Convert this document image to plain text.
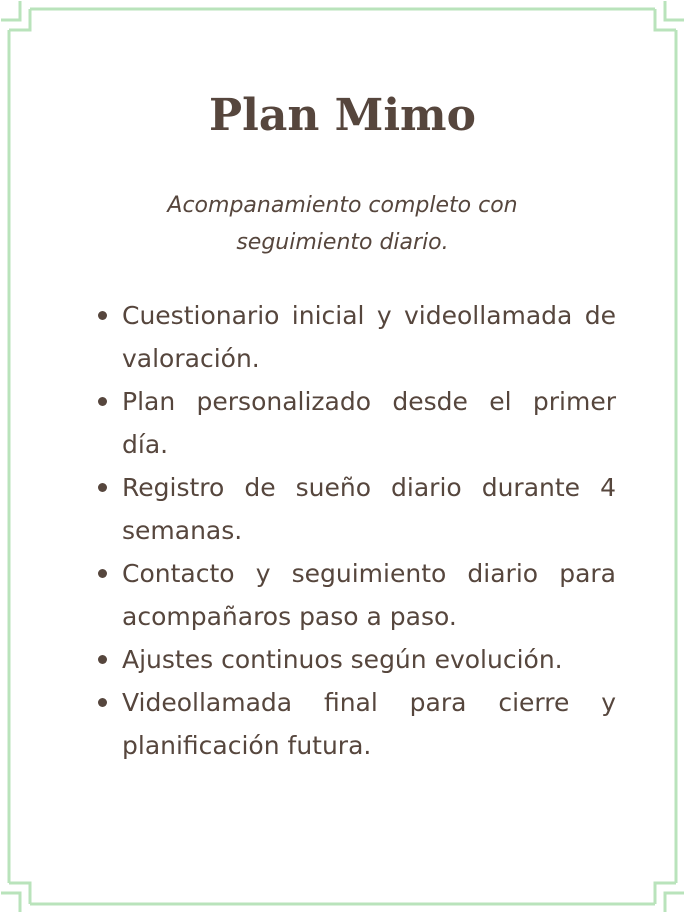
Plan Mimo

Acompanamiento completo con seguimiento diario.

Cuestionario inicial y videollamada de valoración.
Plan personalizado desde el primer día.
Registro de sueño diario durante 4 semanas.
Contacto y seguimiento diario para acompañaros paso a paso.
Ajustes continuos según evolución.
Videollamada final para cierre y planificación futura.
